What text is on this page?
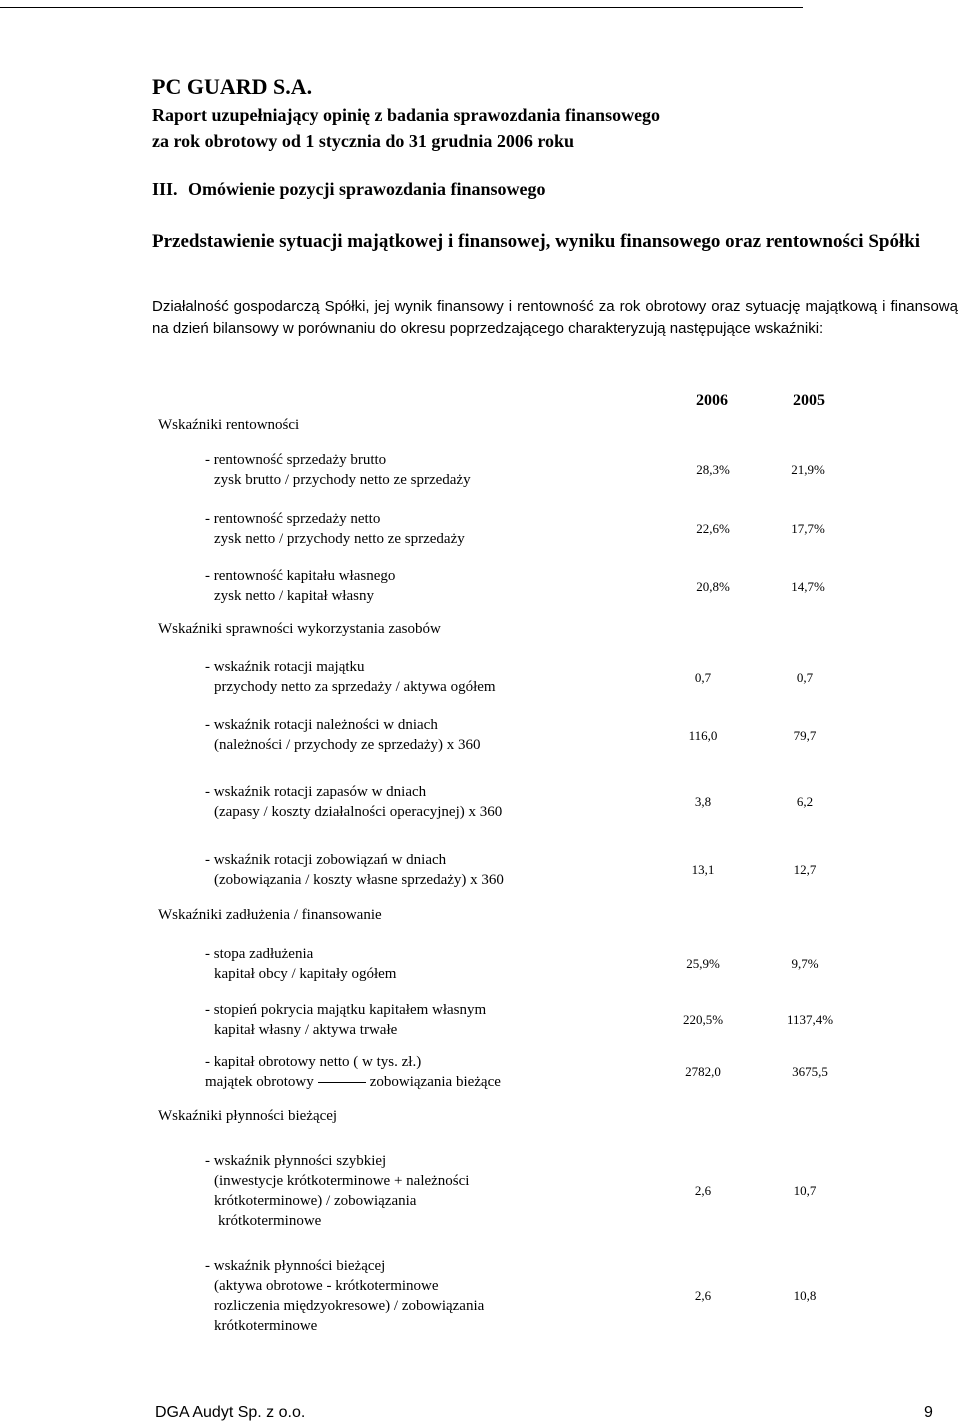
PC GUARD S.A.
Raport uzupełniający opinię z badania sprawozdania finansowego
za rok obrotowy od 1 stycznia do 31 grudnia 2006 roku
III. Omówienie pozycji sprawozdania finansowego
Przedstawienie sytuacji majątkowej i finansowej, wyniku finansowego oraz rentowności Spółki
Działalność gospodarczą Spółki, jej wynik finansowy i rentowność za rok obrotowy oraz sytuację majątkową i finansową na dzień bilansowy w porównaniu do okresu poprzedzającego charakteryzują następujące wskaźniki:
2006	2005
Wskaźniki rentowności
- rentowność sprzedaży brutto
zysk brutto / przychody netto ze sprzedaży
28,3%	21,9%
- rentowność sprzedaży netto
zysk netto / przychody netto ze sprzedaży
22,6%	17,7%
- rentowność kapitału własnego
zysk netto / kapitał własny
20,8%	14,7%
Wskaźniki sprawności wykorzystania zasobów
- wskaźnik rotacji majątku
przychody netto za sprzedaży / aktywa ogółem
0,7	0,7
- wskaźnik rotacji należności w dniach
(należności / przychody ze sprzedaży) x 360
116,0	79,7
- wskaźnik rotacji zapasów w dniach
(zapasy / koszty działalności operacyjnej) x 360
3,8	6,2
- wskaźnik rotacji zobowiązań w dniach
(zobowiązania / koszty własne sprzedaży) x 360
13,1	12,7
Wskaźniki zadłużenia / finansowanie
- stopa zadłużenia
kapitał obcy / kapitały ogółem
25,9%	9,7%
- stopień pokrycia majątku kapitałem własnym
kapitał własny / aktywa trwałe
220,5%	1137,4%
- kapitał obrotowy netto ( w tys. zł.)
majątek obrotowy	zobowiązania bieżące
2782,0	3675,5
Wskaźniki płynności bieżącej
- wskaźnik płynności szybkiej
(inwestycje krótkoterminowe + należności
krótkoterminowe) / zobowiązania
krótkoterminowe
2,6	10,7
- wskaźnik płynności bieżącej
(aktywa obrotowe - krótkoterminowe
rozliczenia międzyokresowe) / zobowiązania
krótkoterminowe
2,6	10,8
DGA Audyt Sp. z o.o.	9
